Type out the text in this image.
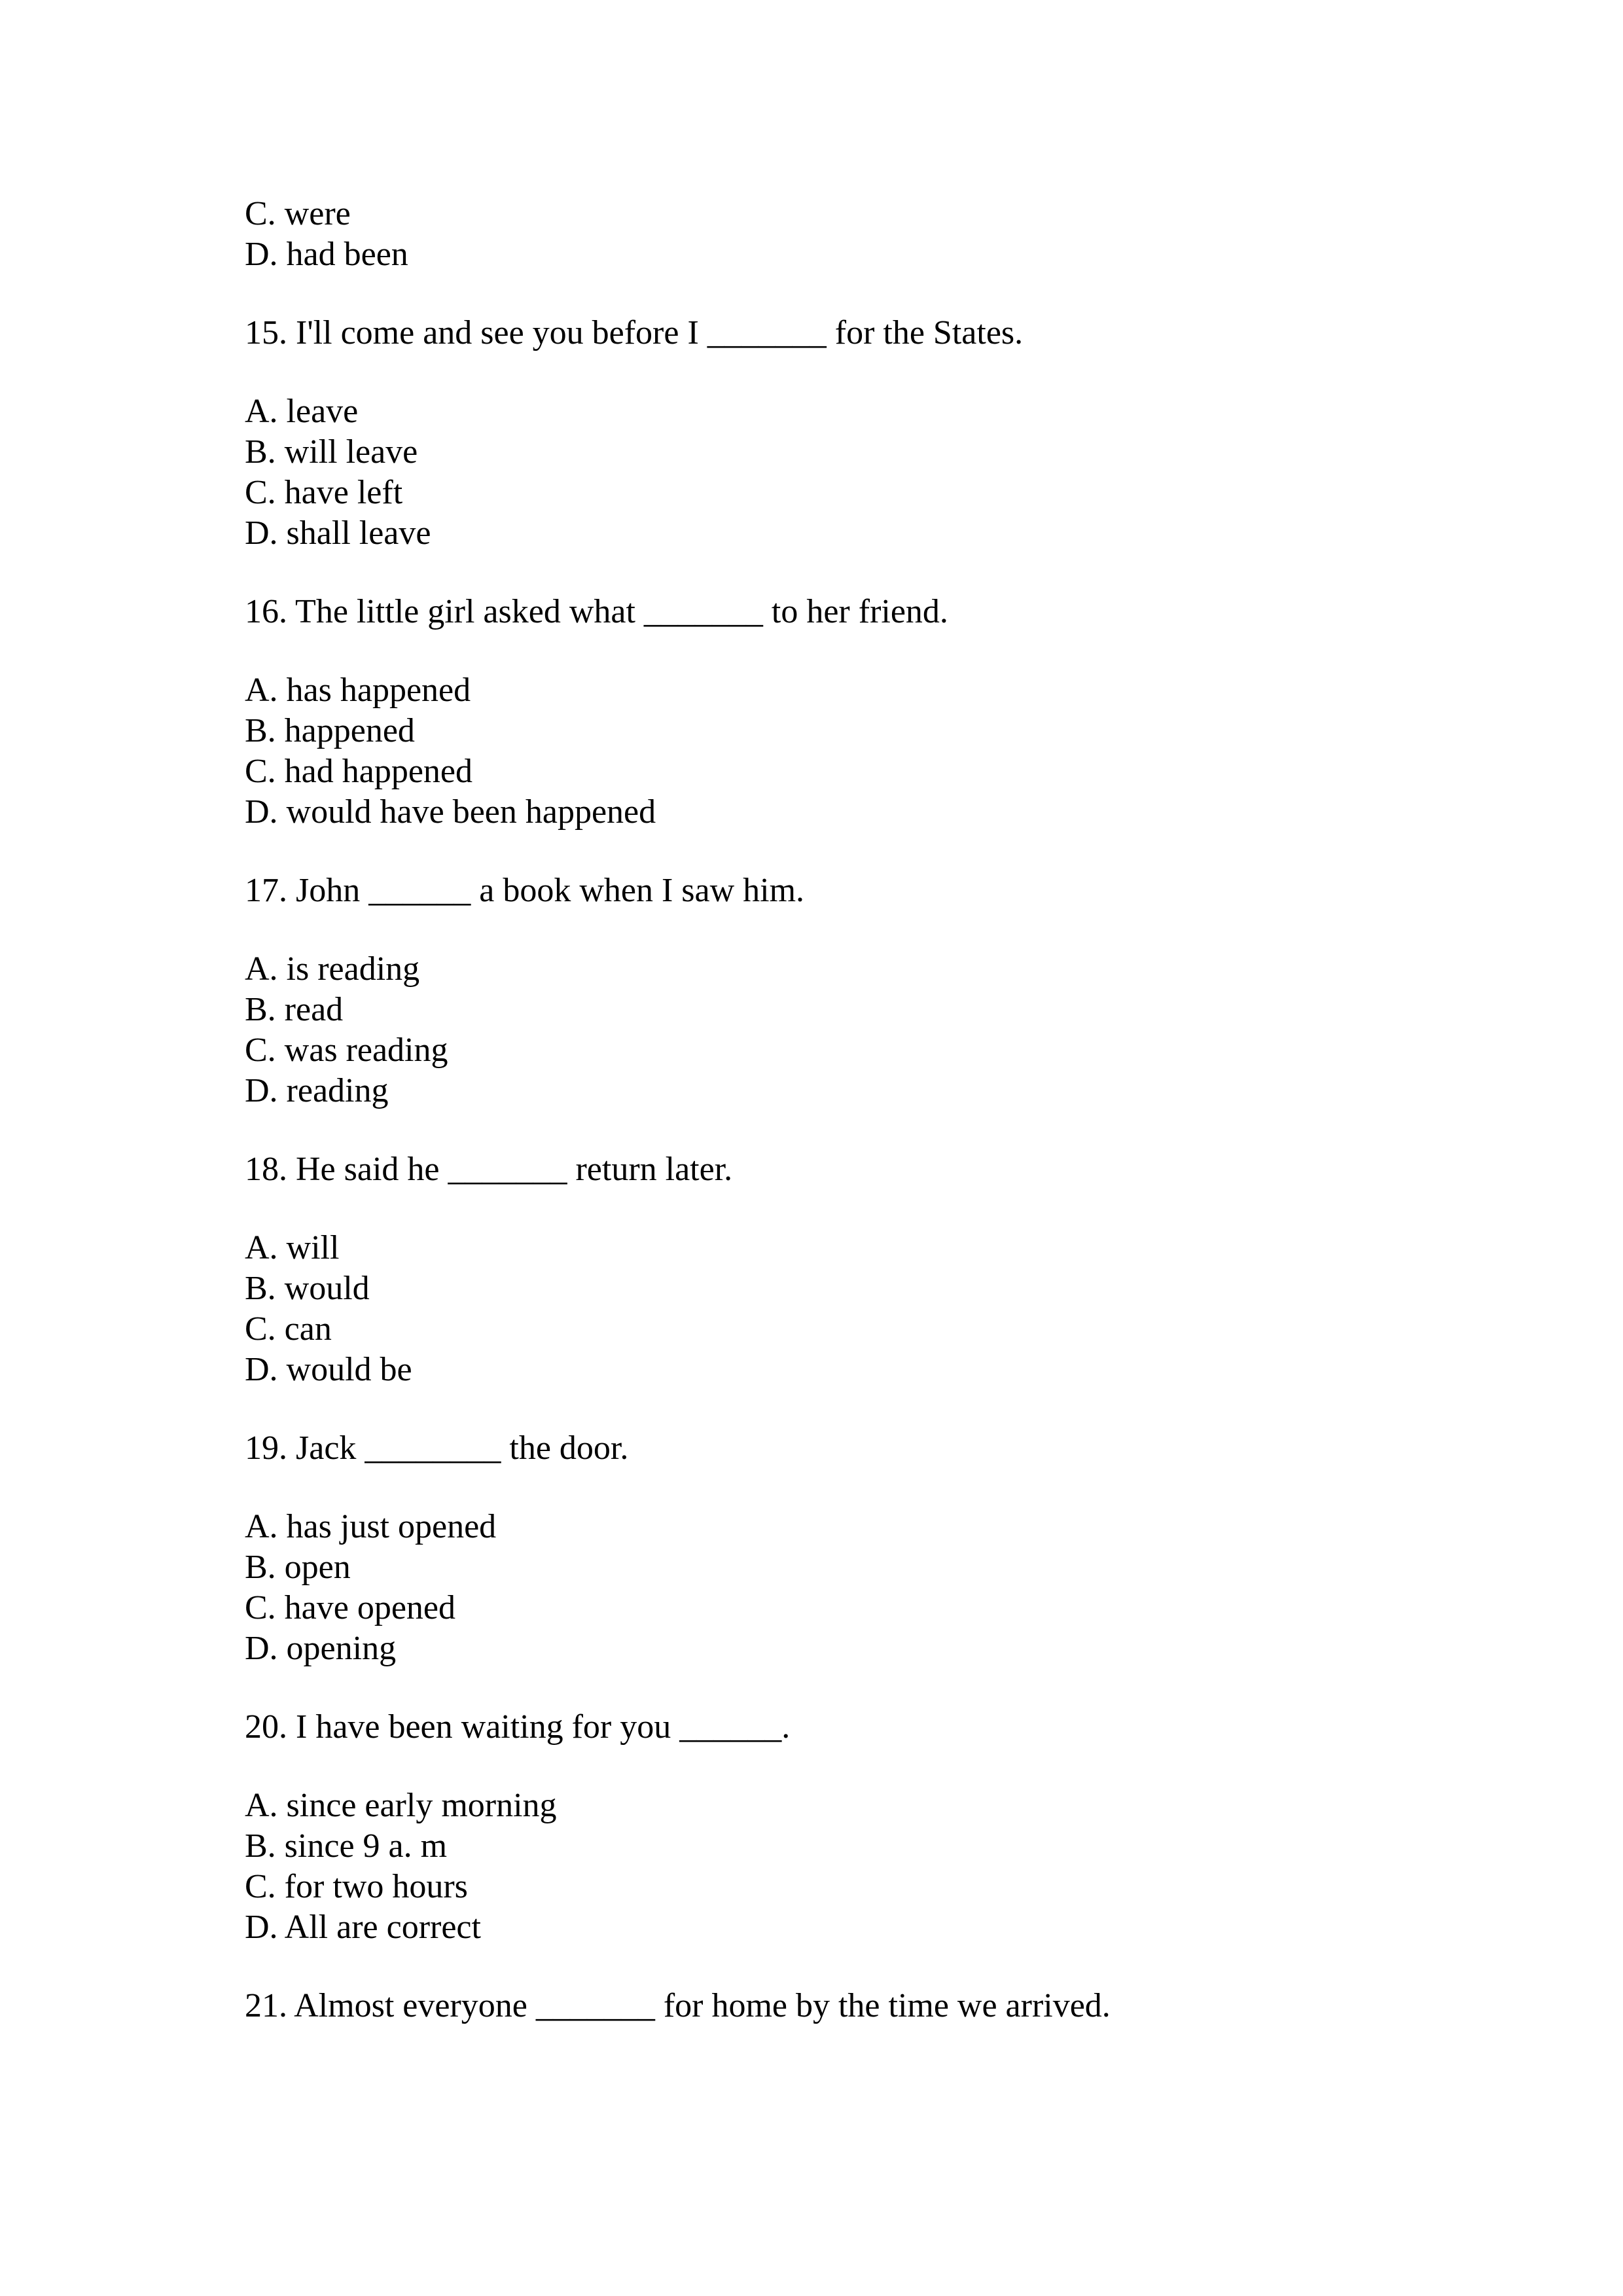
C. were
D. had been
15. I'll come and see you before I _______ for the States.
A. leave
B. will leave
C. have left
D. shall leave
16. The little girl asked what _______ to her friend.
A. has happened
B. happened
C. had happened
D. would have been happened
17. John ______ a book when I saw him.
A. is reading
B. read
C. was reading
D. reading
18. He said he _______ return later.
A. will
B. would
C. can
D. would be
19. Jack ________ the door.
A. has just opened
B. open
C. have opened
D. opening
20. I have been waiting for you ______.
A. since early morning
B. since 9 a. m
C. for two hours
D. All are correct
21. Almost everyone _______ for home by the time we arrived.
